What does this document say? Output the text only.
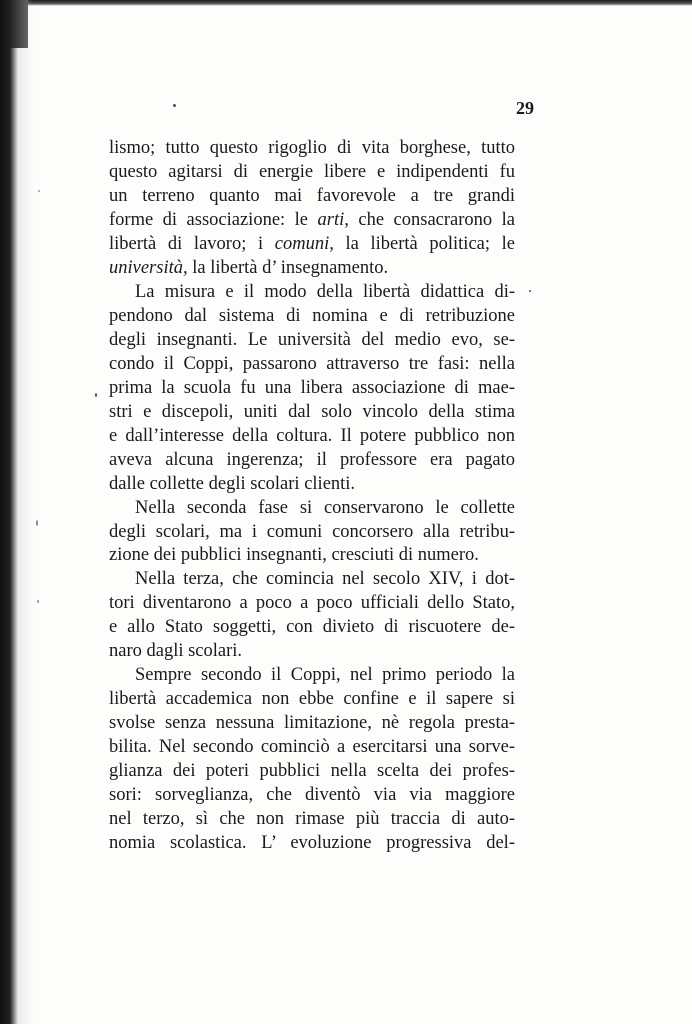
29
lismo; tutto questo rigoglio di vita borghese, tutto
questo agitarsi di energie libere e indipendenti fu
un terreno quanto mai favorevole a tre grandi
forme di associazione: le arti, che consacrarono la
libertà di lavoro; i comuni, la libertà politica; le
università, la libertà d’ insegnamento.
La misura e il modo della libertà didattica di-
pendono dal sistema di nomina e di retribuzione
degli insegnanti. Le università del medio evo, se-
condo il Coppi, passarono attraverso tre fasi: nella
prima la scuola fu una libera associazione di mae-
stri e discepoli, uniti dal solo vincolo della stima
e dall’interesse della coltura. Il potere pubblico non
aveva alcuna ingerenza; il professore era pagato
dalle collette degli scolari clienti.
Nella seconda fase si conservarono le collette
degli scolari, ma i comuni concorsero alla retribu-
zione dei pubblici insegnanti, cresciuti di numero.
Nella terza, che comincia nel secolo XIV, i dot-
tori diventarono a poco a poco ufficiali dello Stato,
e allo Stato soggetti, con divieto di riscuotere de-
naro dagli scolari.
Sempre secondo il Coppi, nel primo periodo la
libertà accademica non ebbe confine e il sapere si
svolse senza nessuna limitazione, nè regola presta-
bilita. Nel secondo cominciò a esercitarsi una sorve-
glianza dei poteri pubblici nella scelta dei profes-
sori: sorveglianza, che diventò via via maggiore
nel terzo, sì che non rimase più traccia di auto-
nomia scolastica. L’ evoluzione progressiva del-
